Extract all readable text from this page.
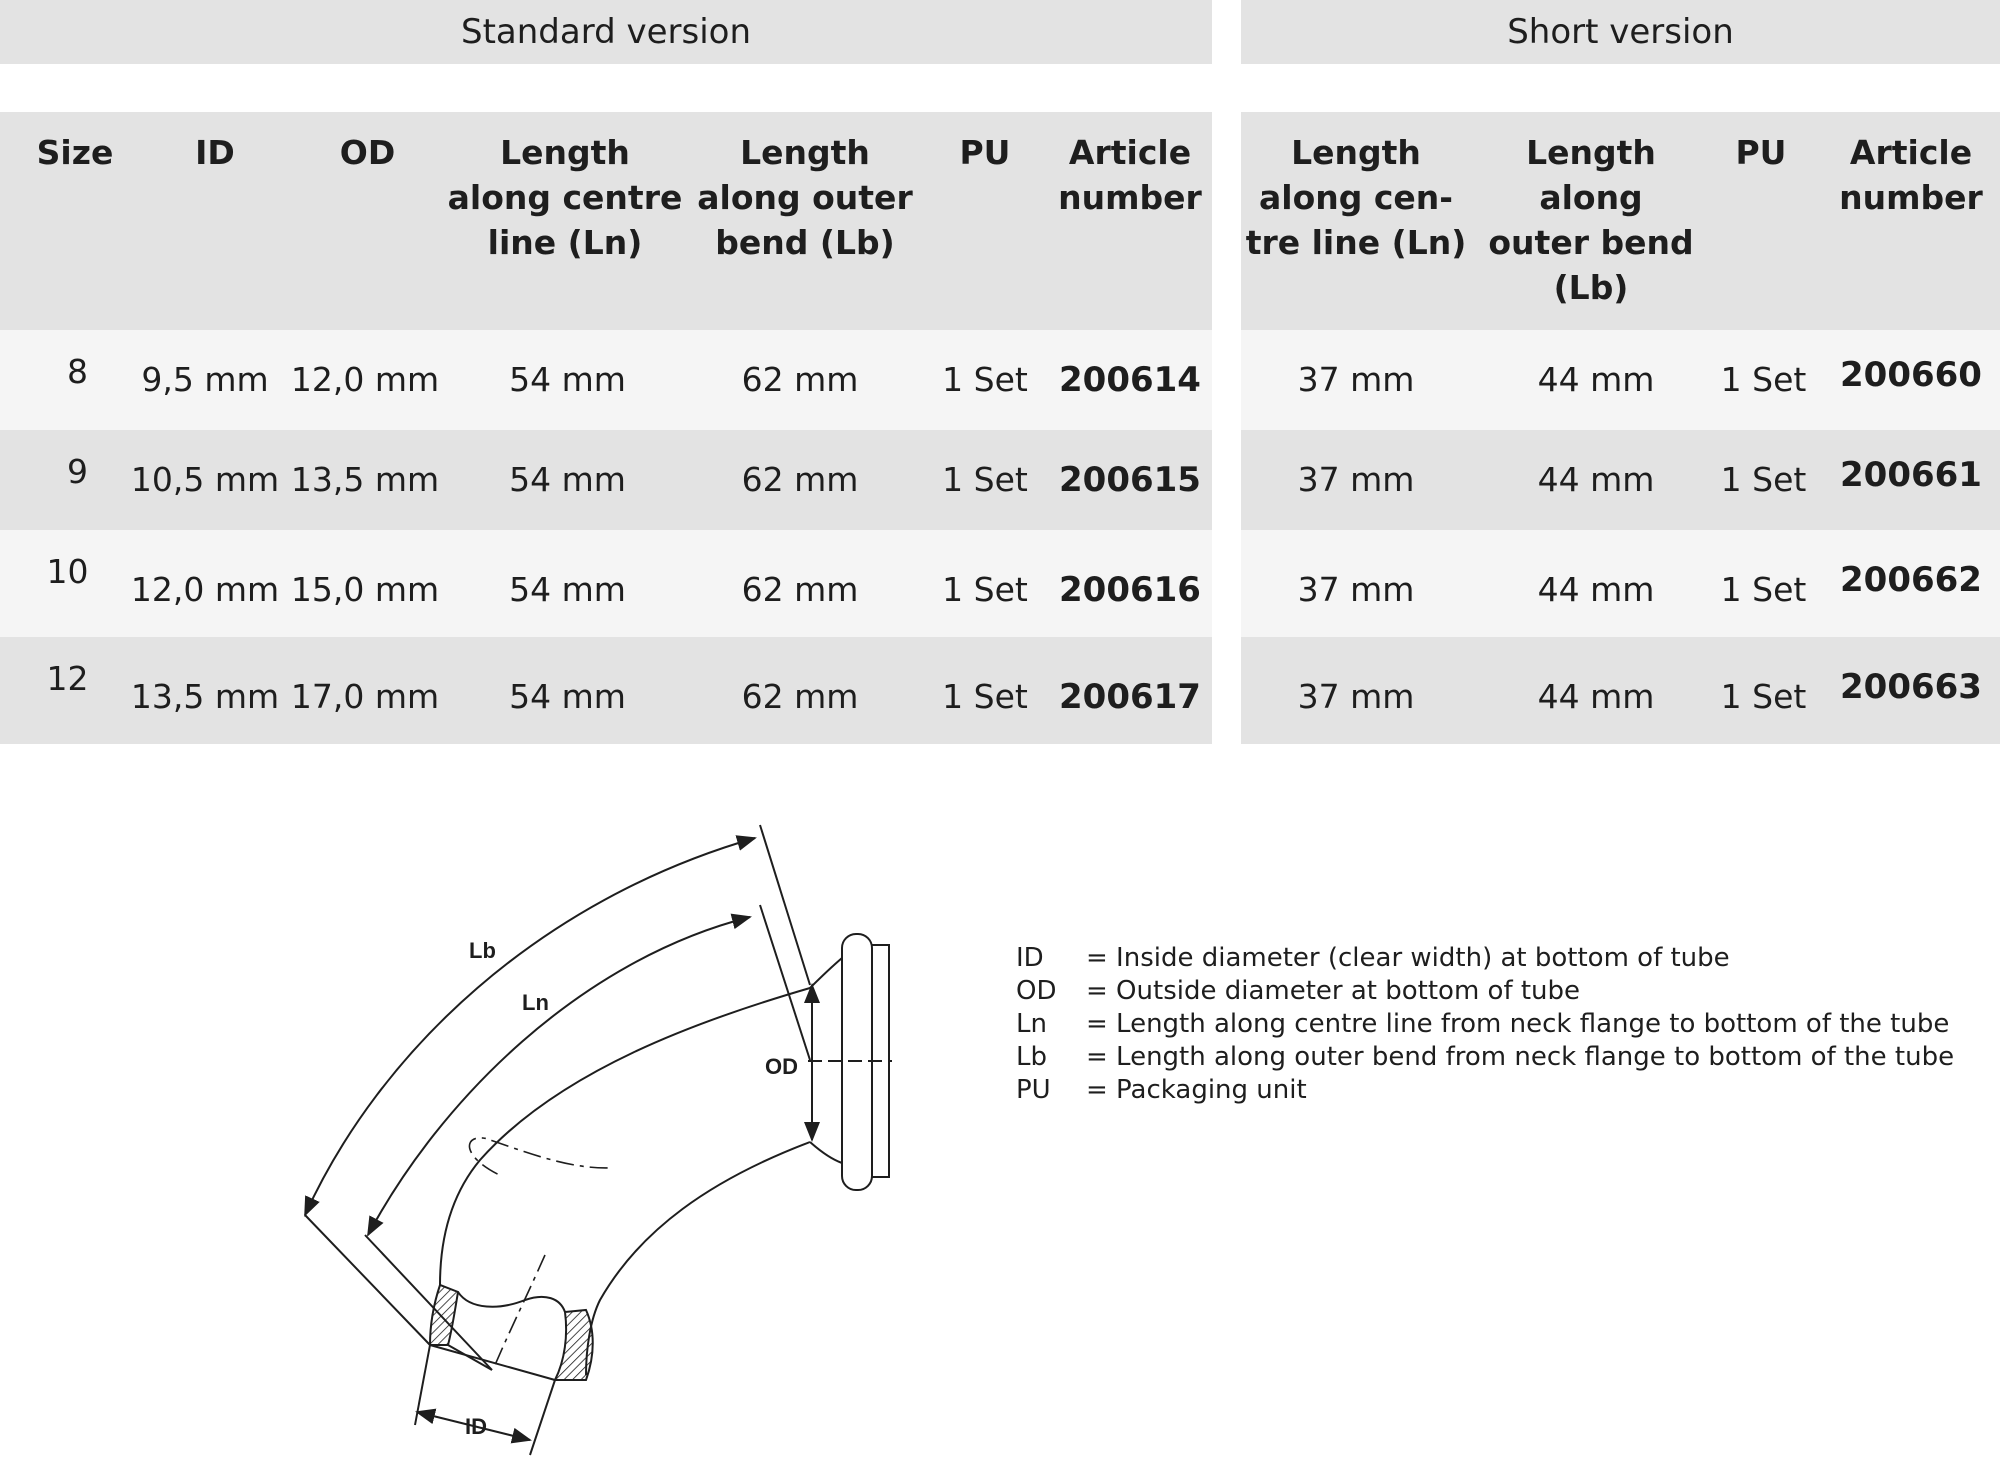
Standard version	Short version
Size	ID	OD	Length
along centre
line (Ln)
Length
along outer
bend (Lb)
PU	Article
number
Length
along cen-
tre line (Ln)
Length along
outer bend
(Lb)
PU	Article
number
8	9,5 mm 12,0 mm	54 mm	62 mm	1 Set 200614
9	10,5 mm 13,5 mm	54 mm	62 mm	1 Set 200615
10	12,0 mm 15,0 mm	54 mm	62 mm	1 Set 200616
12	13,5 mm 17,0 mm	54 mm	62 mm	1 Set 200617
37 mm	44 mm	1 Set 200660
37 mm	44 mm	1 Set 200661
37 mm	44 mm	1 Set 200662
37 mm	44 mm	1 Set 200663
Lb
Ln
OD
ID
ID = Inside diameter (clear width) at bottom of tube
OD = Outside diameter at bottom of tube
Ln = Length along centre line from neck flange to bottom of the tube
Lb = Length along outer bend from neck flange to bottom of the tube
PU = Packaging unit
